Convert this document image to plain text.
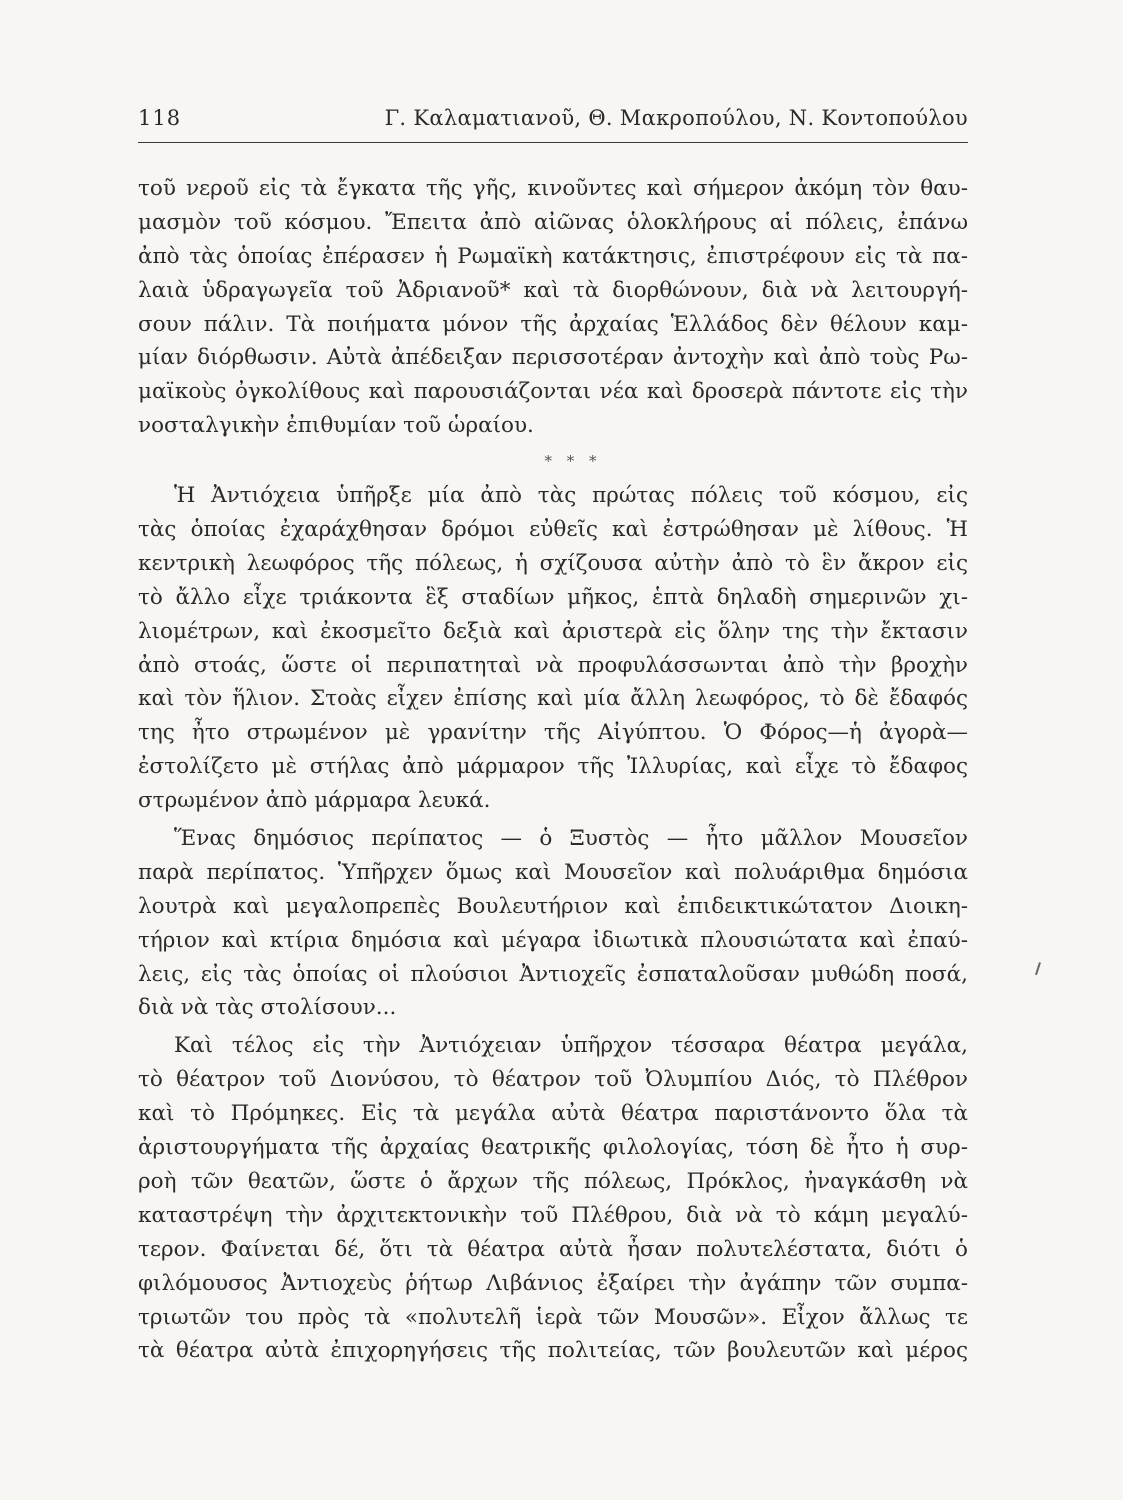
118	Γ. Καλαματιανοῦ, Θ. Μακροπούλου, Ν. Κοντοπούλου
τοῦ νεροῦ εἰς τὰ ἔγκατα τῆς γῆς, κινοῦντες καὶ σήμερον ἀκόμη τὸν θαυ-
μασμὸν τοῦ κόσμου. Ἔπειτα ἀπὸ αἰῶνας ὁλοκλήρους αἱ πόλεις, ἐπάνω
ἀπὸ τὰς ὁποίας ἐπέρασεν ἡ Ρωμαϊκὴ κατάκτησις, ἐπιστρέφουν εἰς τὰ πα-
λαιὰ ὑδραγωγεῖα τοῦ Ἀδριανοῦ* καὶ τὰ διορθώνουν, διὰ νὰ λειτουργή-
σουν πάλιν. Τὰ ποιήματα μόνον τῆς ἀρχαίας Ἑλλάδος δὲν θέλουν καμ-
μίαν διόρθωσιν. Αὐτὰ ἀπέδειξαν περισσοτέραν ἀντοχὴν καὶ ἀπὸ τοὺς Ρω-
μαϊκοὺς ὀγκολίθους καὶ παρουσιάζονται νέα καὶ δροσερὰ πάντοτε εἰς τὴν
νοσταλγικὴν ἐπιθυμίαν τοῦ ὡραίου.
* * *
Ἡ Ἀντιόχεια ὑπῆρξε μία ἀπὸ τὰς πρώτας πόλεις τοῦ κόσμου, εἰς
τὰς ὁποίας ἐχαράχθησαν δρόμοι εὐθεῖς καὶ ἐστρώθησαν μὲ λίθους. Ἡ
κεντρικὴ λεωφόρος τῆς πόλεως, ἡ σχίζουσα αὐτὴν ἀπὸ τὸ ἓν ἄκρον εἰς
τὸ ἄλλο εἶχε τριάκοντα ἓξ σταδίων μῆκος, ἑπτὰ δηλαδὴ σημερινῶν χι-
λιομέτρων, καὶ ἐκοσμεῖτο δεξιὰ καὶ ἀριστερὰ εἰς ὅλην της τὴν ἔκτασιν
ἀπὸ στοάς, ὥστε οἱ περιπατηταὶ νὰ προφυλάσσωνται ἀπὸ τὴν βροχὴν
καὶ τὸν ἥλιον. Στοὰς εἶχεν ἐπίσης καὶ μία ἄλλη λεωφόρος, τὸ δὲ ἔδαφός
της ἦτο στρωμένον μὲ γρανίτην τῆς Αἰγύπτου. Ὁ Φόρος—ἡ ἀγορὰ—
ἐστολίζετο μὲ στήλας ἀπὸ μάρμαρον τῆς Ἰλλυρίας, καὶ εἶχε τὸ ἔδαφος
στρωμένον ἀπὸ μάρμαρα λευκά.
Ἕνας δημόσιος περίπατος — ὁ Ξυστὸς — ἦτο μᾶλλον Μουσεῖον
παρὰ περίπατος. Ὑπῆρχεν ὅμως καὶ Μουσεῖον καὶ πολυάριθμα δημόσια
λουτρὰ καὶ μεγαλοπρεπὲς Βουλευτήριον καὶ ἐπιδεικτικώτατον Διοικη-
τήριον καὶ κτίρια δημόσια καὶ μέγαρα ἰδιωτικὰ πλουσιώτατα καὶ ἐπαύ-
λεις, εἰς τὰς ὁποίας οἱ πλούσιοι Ἀντιοχεῖς ἐσπαταλοῦσαν μυθώδη ποσά,
διὰ νὰ τὰς στολίσουν...
Καὶ τέλος εἰς τὴν Ἀντιόχειαν ὑπῆρχον τέσσαρα θέατρα μεγάλα,
τὸ θέατρον τοῦ Διονύσου, τὸ θέατρον τοῦ Ὀλυμπίου Διός, τὸ Πλέθρον
καὶ τὸ Πρόμηκες. Εἰς τὰ μεγάλα αὐτὰ θέατρα παριστάνοντο ὅλα τὰ
ἀριστουργήματα τῆς ἀρχαίας θεατρικῆς φιλολογίας, τόση δὲ ἦτο ἡ συρ-
ροὴ τῶν θεατῶν, ὥστε ὁ ἄρχων τῆς πόλεως, Πρόκλος, ἠναγκάσθη νὰ
καταστρέψη τὴν ἀρχιτεκτονικὴν τοῦ Πλέθρου, διὰ νὰ τὸ κάμη μεγαλύ-
τερον. Φαίνεται δέ, ὅτι τὰ θέατρα αὐτὰ ἦσαν πολυτελέστατα, διότι ὁ
φιλόμουσος Ἀντιοχεὺς ῥήτωρ Λιβάνιος ἐξαίρει τὴν ἀγάπην τῶν συμπα-
τριωτῶν του πρὸς τὰ «πολυτελῆ ἱερὰ τῶν Μουσῶν». Εἶχον ἄλλως τε
τὰ θέατρα αὐτὰ ἐπιχορηγήσεις τῆς πολιτείας, τῶν βουλευτῶν καὶ μέρος
